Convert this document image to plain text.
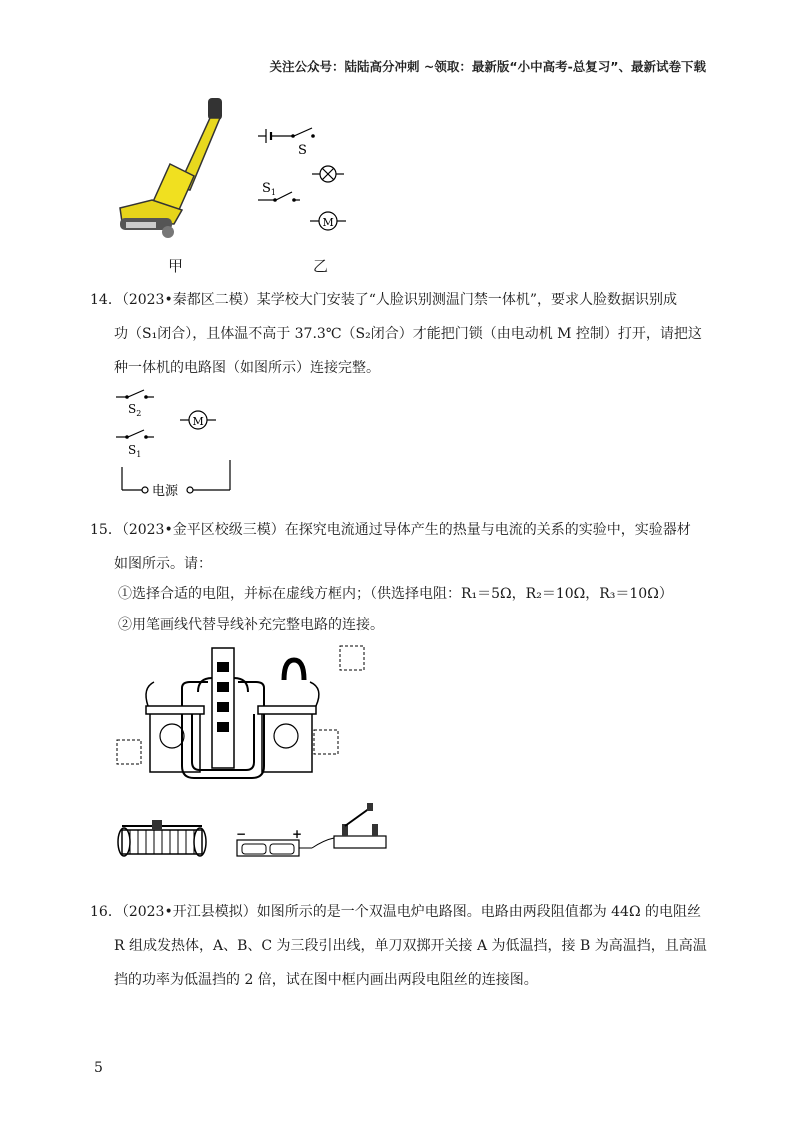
关注公众号：陆陆高分冲刺 ~领取：最新版“小中高考-总复习”、最新试卷下载
甲
S
$S_1$
M
乙

14．（2023•秦都区二模）某学校大门安装了“人脸识别测温门禁一体机”，要求人脸数据识别成

功（S₁闭合），且体温不高于 37.3℃（S₂闭合）才能把门锁（由电动机 M 控制）打开，请把这

种一体机的电路图（如图所示）连接完整。

$S_2$
M
$S_1$
电源

15．（2023•金平区校级三模）在探究电流通过导体产生的热量与电流的关系的实验中，实验器材

如图所示。请：

①选择合适的电阻，并标在虚线方框内；（供选择电阻：R₁＝5Ω，R₂＝10Ω，R₃＝10Ω）
②用笔画线代替导线补充完整电路的连接。
−	+

16．（2023•开江县模拟）如图所示的是一个双温电炉电路图。电路由两段阻值都为 44Ω 的电阻丝

R 组成发热体，A、B、C 为三段引出线，单刀双掷开关接 A 为低温挡，接 B 为高温挡，且高温

挡的功率为低温挡的 2 倍，试在图中框内画出两段电阻丝的连接图。

5
